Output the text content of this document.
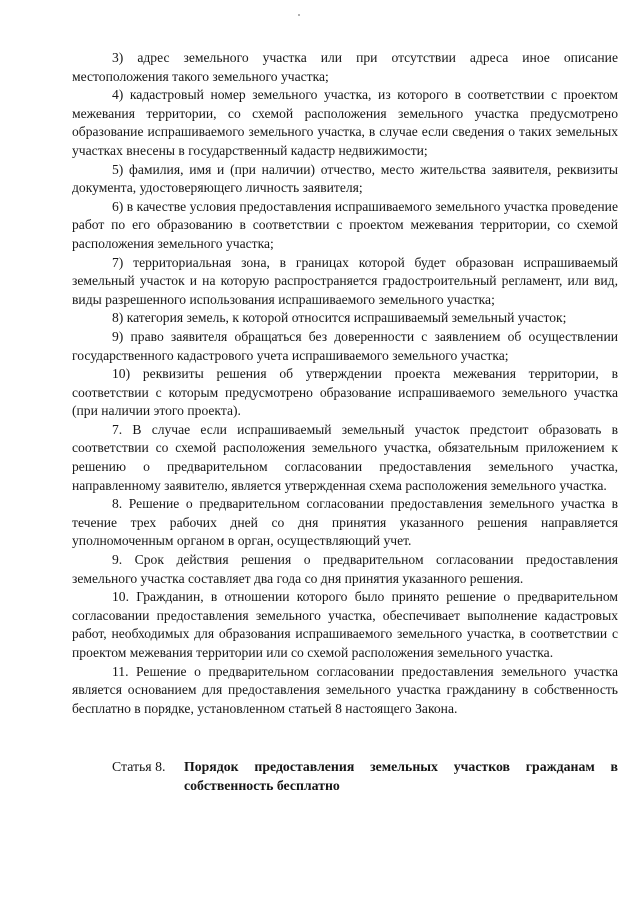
3) адрес земельного участка или при отсутствии адреса иное описание местоположения такого земельного участка;

4) кадастровый номер земельного участка, из которого в соответствии с проектом межевания территории, со схемой расположения земельного участка предусмотрено образование испрашиваемого земельного участка, в случае если сведения о таких земельных участках внесены в государственный кадастр недвижимости;

5) фамилия, имя и (при наличии) отчество, место жительства заявителя, реквизиты документа, удостоверяющего личность заявителя;

6) в качестве условия предоставления испрашиваемого земельного участка проведение работ по его образованию в соответствии с проектом межевания территории, со схемой расположения земельного участка;

7) территориальная зона, в границах которой будет образован испрашиваемый земельный участок и на которую распространяется градостроительный регламент, или вид, виды разрешенного использования испрашиваемого земельного участка;

8) категория земель, к которой относится испрашиваемый земельный участок;

9) право заявителя обращаться без доверенности с заявлением об осуществлении государственного кадастрового учета испрашиваемого земельного участка;

10) реквизиты решения об утверждении проекта межевания территории, в соответствии с которым предусмотрено образование испрашиваемого земельного участка (при наличии этого проекта).

7. В случае если испрашиваемый земельный участок предстоит образовать в соответствии со схемой расположения земельного участка, обязательным приложением к решению о предварительном согласовании предоставления земельного участка, направленному заявителю, является утвержденная схема расположения земельного участка.

8. Решение о предварительном согласовании предоставления земельного участка в течение трех рабочих дней со дня принятия указанного решения направляется уполномоченным органом в орган, осуществляющий учет.

9. Срок действия решения о предварительном согласовании предоставления земельного участка составляет два года со дня принятия указанного решения.

10. Гражданин, в отношении которого было принято решение о предварительном согласовании предоставления земельного участка, обеспечивает выполнение кадастровых работ, необходимых для образования испрашиваемого земельного участка, в соответствии с проектом межевания территории или со схемой расположения земельного участка.

11. Решение о предварительном согласовании предоставления земельного участка является основанием для предоставления земельного участка гражданину в собственность бесплатно в порядке, установленном статьей 8 настоящего Закона.

Статья 8.	Порядок предоставления земельных участков гражданам в собственность бесплатно
